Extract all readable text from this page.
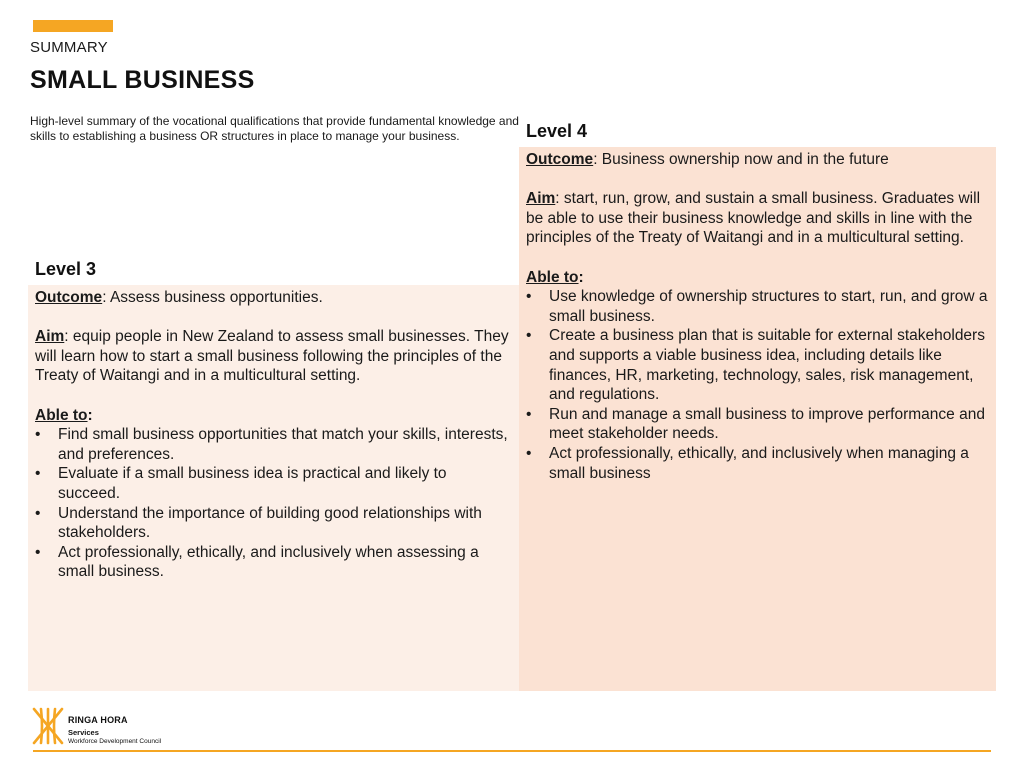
SUMMARY
SMALL BUSINESS
High-level summary of the vocational qualifications that provide fundamental knowledge and skills to establishing a business OR structures in place to manage your business.	Level 4

Outcome: Business ownership now and in the future

Aim: start, run, grow, and sustain a small business. Graduates will be able to use their business knowledge and skills in line with the principles of the Treaty of Waitangi and in a multicultural setting.

Able to:
• Use knowledge of ownership structures to start, run, and grow a small business.
• Create a business plan that is suitable for external stakeholders and supports a viable business idea, including details like finances, HR, marketing, technology, sales, risk management, and regulations.
• Run and manage a small business to improve performance and meet stakeholder needs.
• Act professionally, ethically, and inclusively when managing a small business
Level 3

Outcome: Assess business opportunities.

Aim: equip people in New Zealand to assess small businesses. They will learn how to start a small business following the principles of the Treaty of Waitangi and in a multicultural setting.

Able to:
• Find small business opportunities that match your skills, interests, and preferences.
• Evaluate if a small business idea is practical and likely to succeed.
• Understand the importance of building good relationships with stakeholders.
• Act professionally, ethically, and inclusively when assessing a small business.
RINGA HORA
Services
Workforce Development Council
